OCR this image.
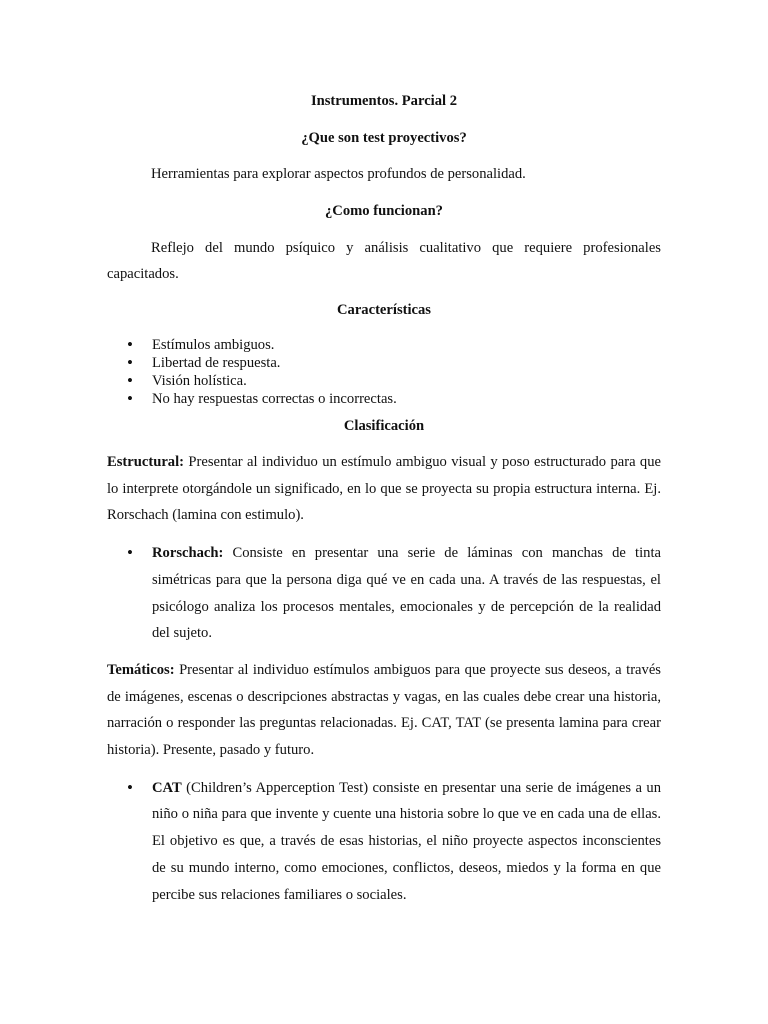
Instrumentos. Parcial 2

¿Que son test proyectivos?

Herramientas para explorar aspectos profundos de personalidad.

¿Como funcionan?

Reflejo del mundo psíquico y análisis cualitativo que requiere profesionales capacitados.

Características

• Estímulos ambiguos.
• Libertad de respuesta.
• Visión holística.
• No hay respuestas correctas o incorrectas.

Clasificación

Estructural: Presentar al individuo un estímulo ambiguo visual y poso estructurado para que lo interprete otorgándole un significado, en lo que se proyecta su propia estructura interna. Ej. Rorschach (lamina con estimulo).

• Rorschach: Consiste en presentar una serie de láminas con manchas de tinta simétricas para que la persona diga qué ve en cada una. A través de las respuestas, el psicólogo analiza los procesos mentales, emocionales y de percepción de la realidad del sujeto.

Temáticos: Presentar al individuo estímulos ambiguos para que proyecte sus deseos, a través de imágenes, escenas o descripciones abstractas y vagas, en las cuales debe crear una historia, narración o responder las preguntas relacionadas. Ej. CAT, TAT (se presenta lamina para crear historia). Presente, pasado y futuro.

• CAT (Children’s Apperception Test) consiste en presentar una serie de imágenes a un niño o niña para que invente y cuente una historia sobre lo que ve en cada una de ellas. El objetivo es que, a través de esas historias, el niño proyecte aspectos inconscientes de su mundo interno, como emociones, conflictos, deseos, miedos y la forma en que percibe sus relaciones familiares o sociales.
